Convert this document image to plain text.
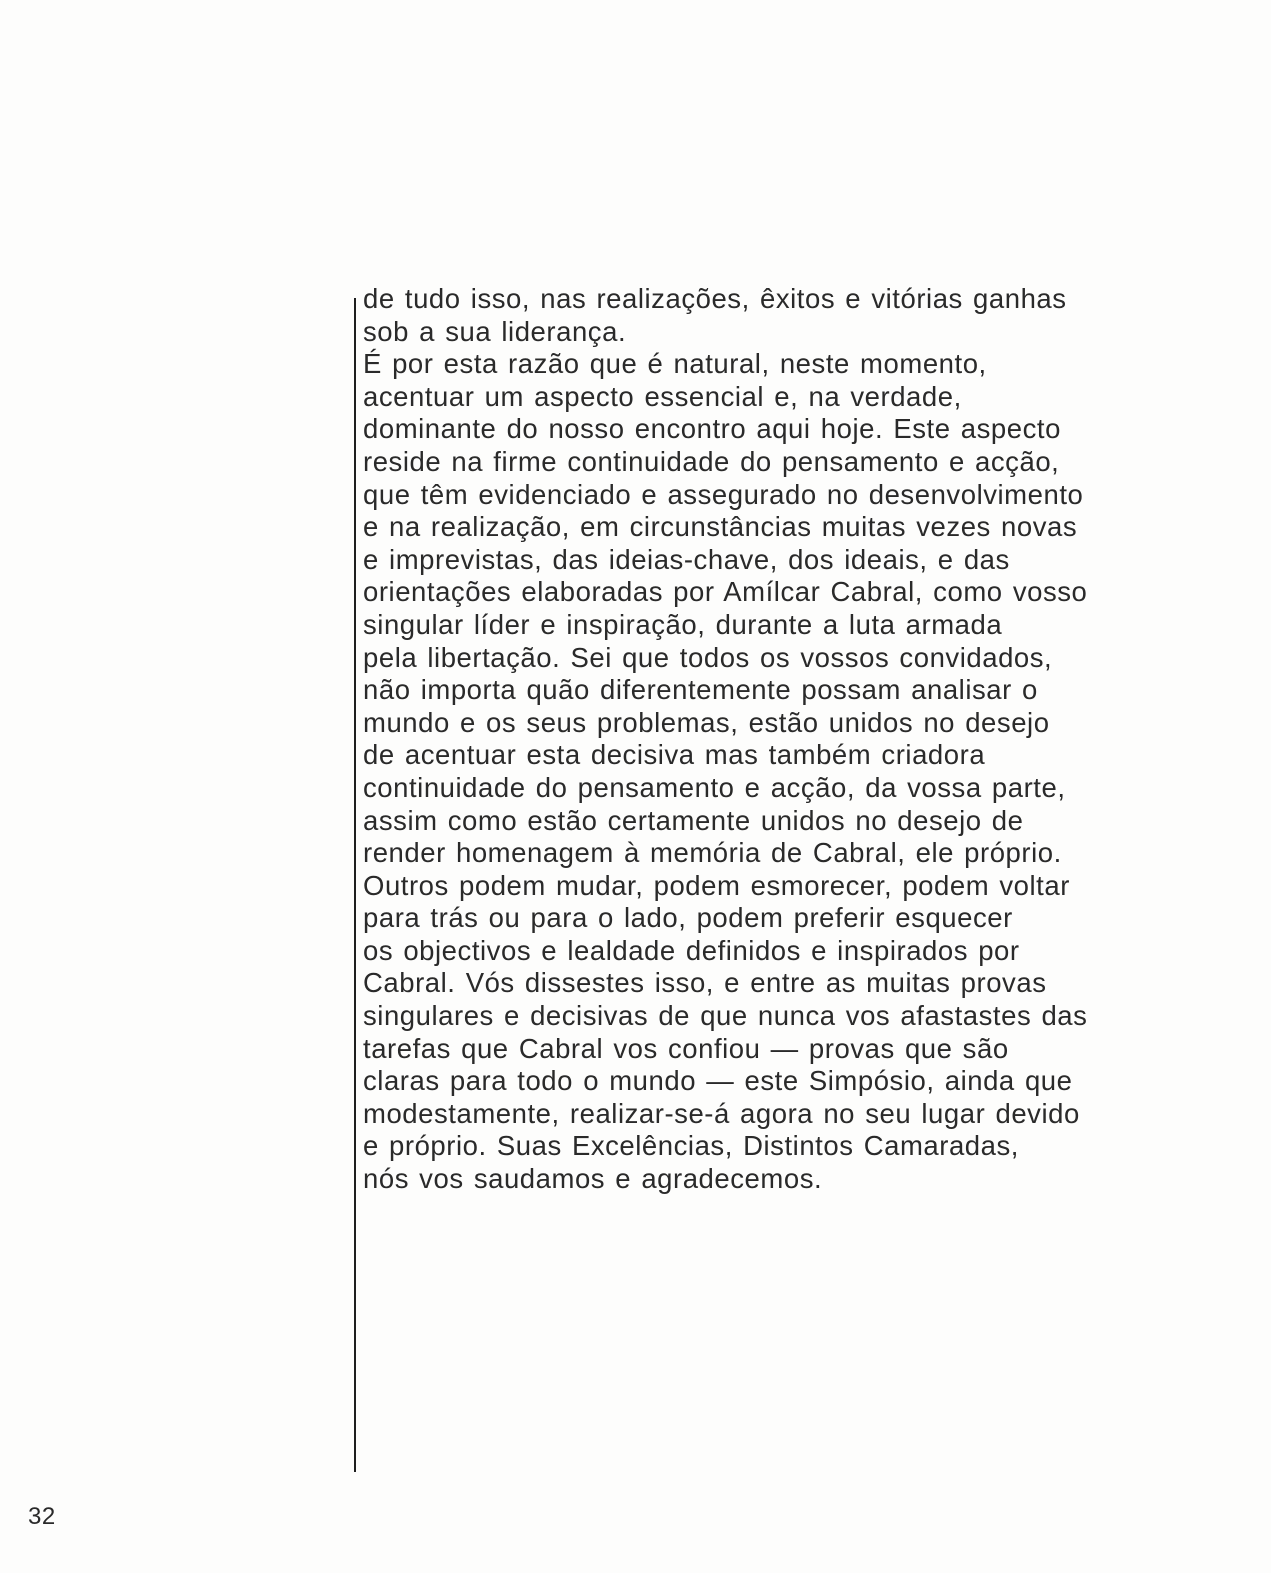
de tudo isso, nas realizações, êxitos e vitórias ganhas
sob a sua liderança.
É por esta razão que é natural, neste momento,
acentuar um aspecto essencial e, na verdade,
dominante do nosso encontro aqui hoje. Este aspecto
reside na firme continuidade do pensamento e acção,
que têm evidenciado e assegurado no desenvolvimento
e na realização, em circunstâncias muitas vezes novas
e imprevistas, das ideias-chave, dos ideais, e das
orientações elaboradas por Amílcar Cabral, como vosso
singular líder e inspiração, durante a luta armada
pela libertação. Sei que todos os vossos convidados,
não importa quão diferentemente possam analisar o
mundo e os seus problemas, estão unidos no desejo
de acentuar esta decisiva mas também criadora
continuidade do pensamento e acção, da vossa parte,
assim como estão certamente unidos no desejo de
render homenagem à memória de Cabral, ele próprio.
Outros podem mudar, podem esmorecer, podem voltar
para trás ou para o lado, podem preferir esquecer
os objectivos e lealdade definidos e inspirados por
Cabral. Vós dissestes isso, e entre as muitas provas
singulares e decisivas de que nunca vos afastastes das
tarefas que Cabral vos confiou — provas que são
claras para todo o mundo — este Simpósio, ainda que
modestamente, realizar-se-á agora no seu lugar devido
e próprio. Suas Excelências, Distintos Camaradas,
nós vos saudamos e agradecemos.
32
